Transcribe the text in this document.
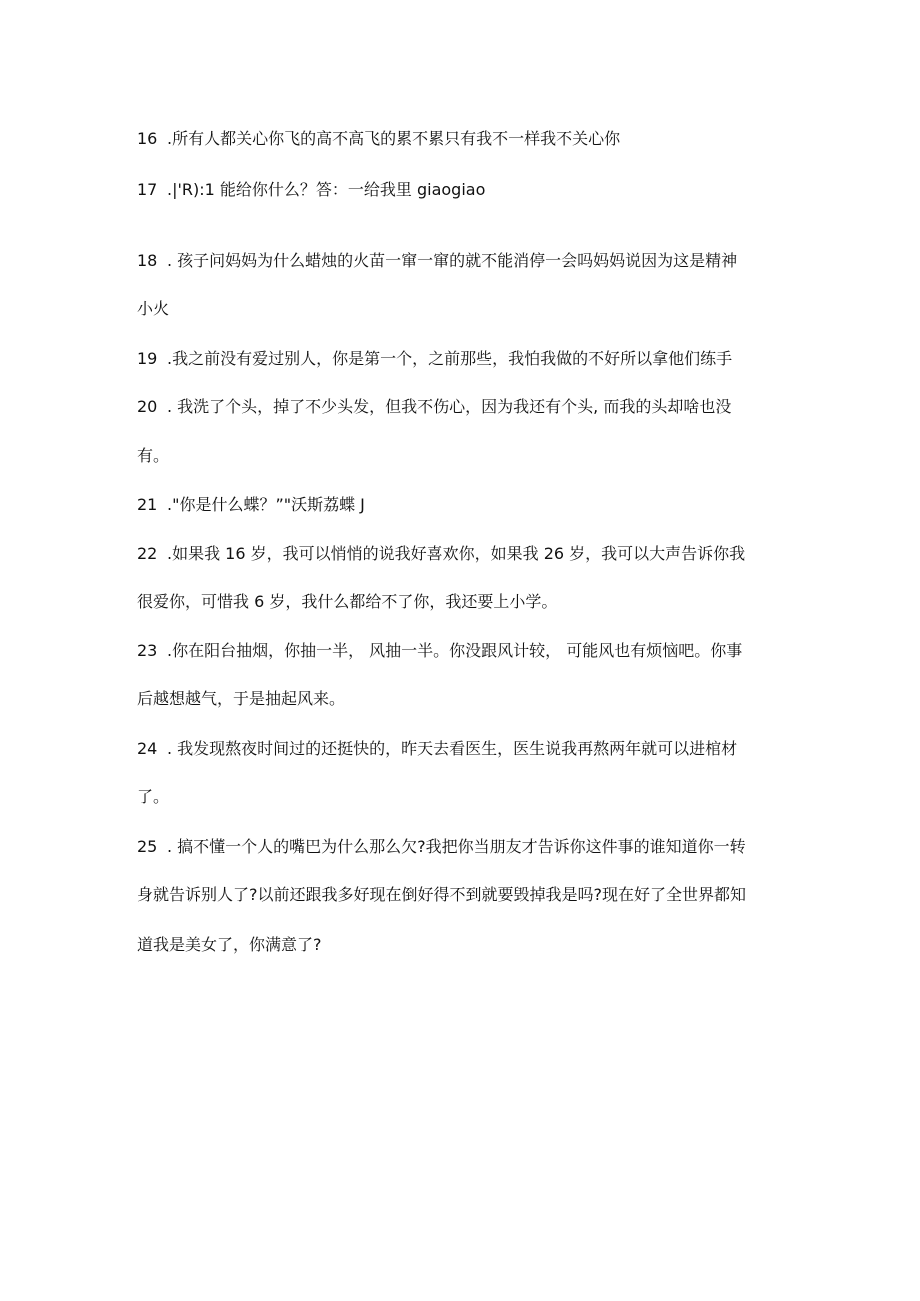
16 .所有人都关心你飞的高不高飞的累不累只有我不一样我不关心你
17 .|'R):1 能给你什么？答：一给我里 giaogiao
18 . 孩子问妈妈为什么蜡烛的火苗一窜一窜的就不能消停一会吗妈妈说因为这是精神
小火
19 .我之前没有爱过别人，你是第一个，之前那些，我怕我做的不好所以拿他们练手
20 . 我洗了个头，掉了不少头发，但我不伤心，因为我还有个头, 而我的头却啥也没
有。
21 ."你是什么蝶？”"沃斯荔蝶 J
22 .如果我 16 岁，我可以悄悄的说我好喜欢你，如果我 26 岁，我可以大声告诉你我
很爱你，可惜我 6 岁，我什么都给不了你，我还要上小学。
23 .你在阳台抽烟，你抽一半， 风抽一半。你没跟风计较， 可能风也有烦恼吧。你事
后越想越气，于是抽起风来。
24 . 我发现熬夜时间过的还挺快的，昨天去看医生，医生说我再熬两年就可以进棺材
了。
25 . 搞不懂一个人的嘴巴为什么那么欠?我把你当朋友才告诉你这件事的谁知道你一转
身就告诉别人了?以前还跟我多好现在倒好得不到就要毁掉我是吗?现在好了全世界都知
道我是美女了，你满意了?
